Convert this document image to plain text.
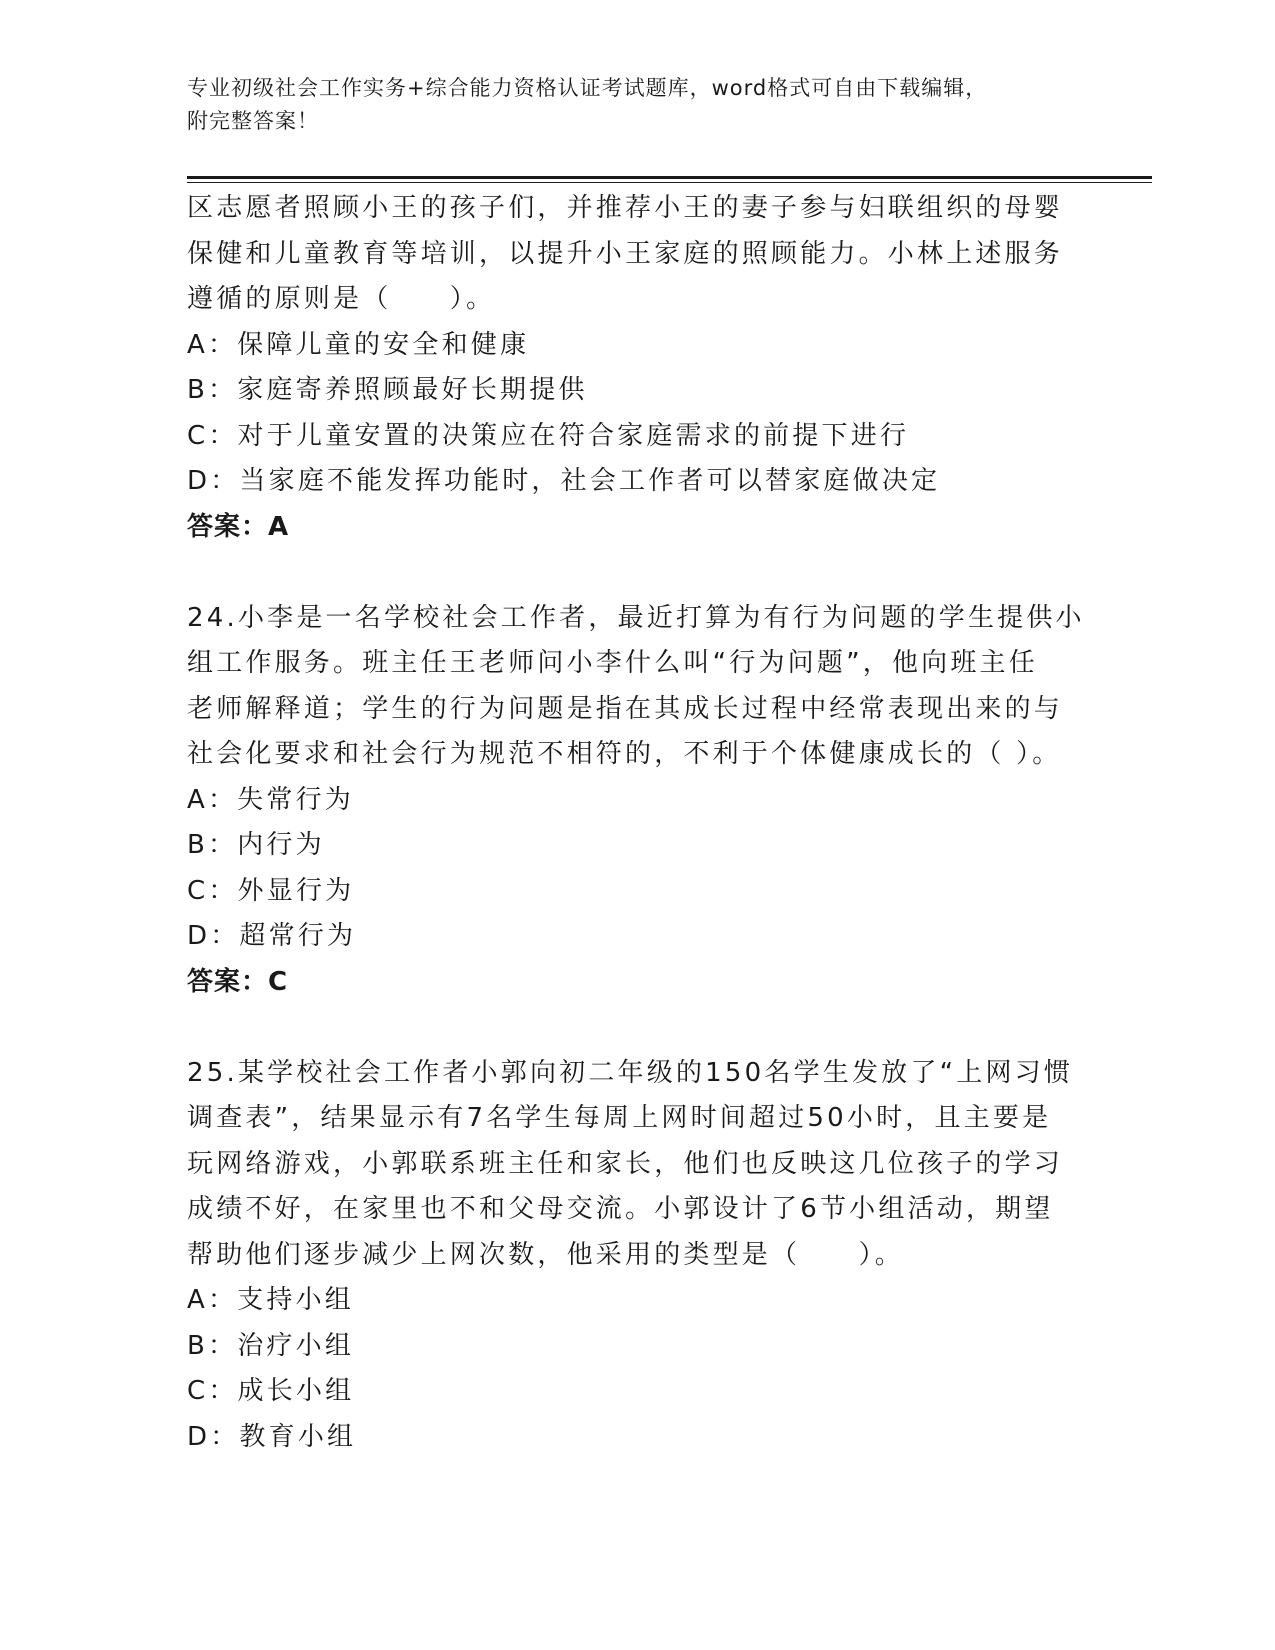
专业初级社会工作实务+综合能力资格认证考试题库，word格式可自由下载编辑，
附完整答案！
区志愿者照顾小王的孩子们，并推荐小王的妻子参与妇联组织的母婴
保健和儿童教育等培训，以提升小王家庭的照顾能力。小林上述服务
遵循的原则是（　　）。
A：保障儿童的安全和健康
B：家庭寄养照顾最好长期提供
C：对于儿童安置的决策应在符合家庭需求的前提下进行
D：当家庭不能发挥功能时，社会工作者可以替家庭做决定
答案：A
24.小李是一名学校社会工作者，最近打算为有行为问题的学生提供小
组工作服务。班主任王老师问小李什么叫“行为问题”，他向班主任
老师解释道；学生的行为问题是指在其成长过程中经常表现出来的与
社会化要求和社会行为规范不相符的，不利于个体健康成长的（ ）。
A：失常行为
B：内行为
C：外显行为
D：超常行为
答案：C
25.某学校社会工作者小郭向初二年级的150名学生发放了“上网习惯
调查表”，结果显示有7名学生每周上网时间超过50小时，且主要是
玩网络游戏，小郭联系班主任和家长，他们也反映这几位孩子的学习
成绩不好，在家里也不和父母交流。小郭设计了6节小组活动，期望
帮助他们逐步减少上网次数，他采用的类型是（　　）。
A：支持小组
B：治疗小组
C：成长小组
D：教育小组
